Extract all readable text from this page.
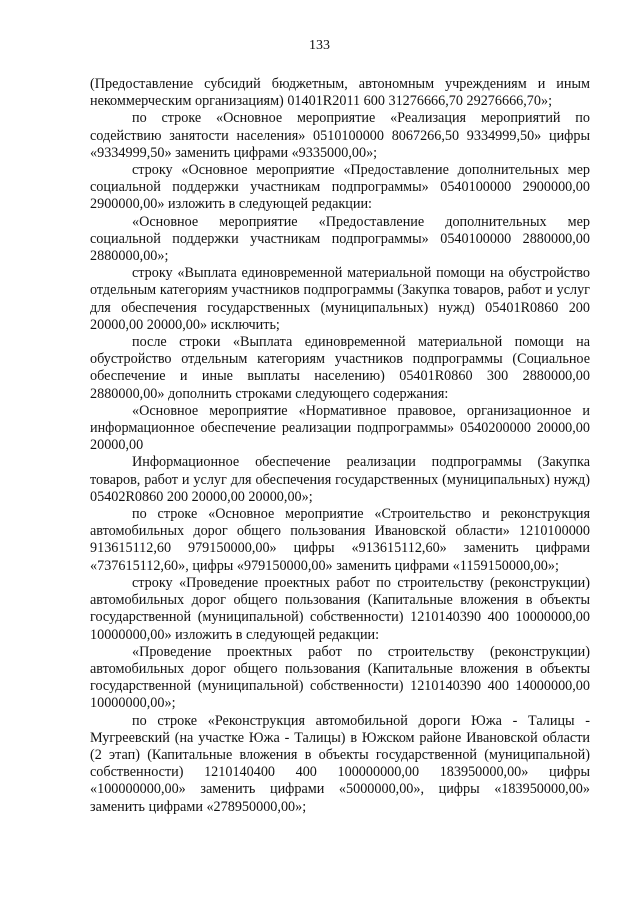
133

(Предоставление субсидий бюджетным, автономным учреждениям и иным некоммерческим организациям) 01401R2011 600 31276666,70 29276666,70»;

по строке «Основное мероприятие «Реализация мероприятий по содействию занятости населения» 0510100000 8067266,50 9334999,50» цифры «9334999,50» заменить цифрами «9335000,00»;

строку «Основное мероприятие «Предоставление дополнительных мер социальной поддержки участникам подпрограммы» 0540100000 2900000,00 2900000,00» изложить в следующей редакции:

«Основное мероприятие «Предоставление дополнительных мер социальной поддержки участникам подпрограммы» 0540100000 2880000,00 2880000,00»;

строку «Выплата единовременной материальной помощи на обустройство отдельным категориям участников подпрограммы (Закупка товаров, работ и услуг для обеспечения государственных (муниципальных) нужд) 05401R0860 200 20000,00 20000,00» исключить;

после строки «Выплата единовременной материальной помощи на обустройство отдельным категориям участников подпрограммы (Социальное обеспечение и иные выплаты населению) 05401R0860 300 2880000,00 2880000,00» дополнить строками следующего содержания:

«Основное мероприятие «Нормативное правовое, организационное и информационное обеспечение реализации подпрограммы» 0540200000 20000,00 20000,00

Информационное обеспечение реализации подпрограммы (Закупка товаров, работ и услуг для обеспечения государственных (муниципальных) нужд) 05402R0860 200 20000,00 20000,00»;

по строке «Основное мероприятие «Строительство и реконструкция автомобильных дорог общего пользования Ивановской области» 1210100000 913615112,60 979150000,00» цифры «913615112,60» заменить цифрами «737615112,60», цифры «979150000,00» заменить цифрами «1159150000,00»;

строку «Проведение проектных работ по строительству (реконструкции) автомобильных дорог общего пользования (Капитальные вложения в объекты государственной (муниципальной) собственности) 1210140390 400 10000000,00 10000000,00» изложить в следующей редакции:

«Проведение проектных работ по строительству (реконструкции) автомобильных дорог общего пользования (Капитальные вложения в объекты государственной (муниципальной) собственности) 1210140390 400 14000000,00 10000000,00»;

по строке «Реконструкция автомобильной дороги Южа - Талицы - Мугреевский (на участке Южа - Талицы) в Южском районе Ивановской области (2 этап) (Капитальные вложения в объекты государственной (муниципальной) собственности) 1210140400 400 100000000,00 183950000,00» цифры «100000000,00» заменить цифрами «5000000,00», цифры «183950000,00» заменить цифрами «278950000,00»;
